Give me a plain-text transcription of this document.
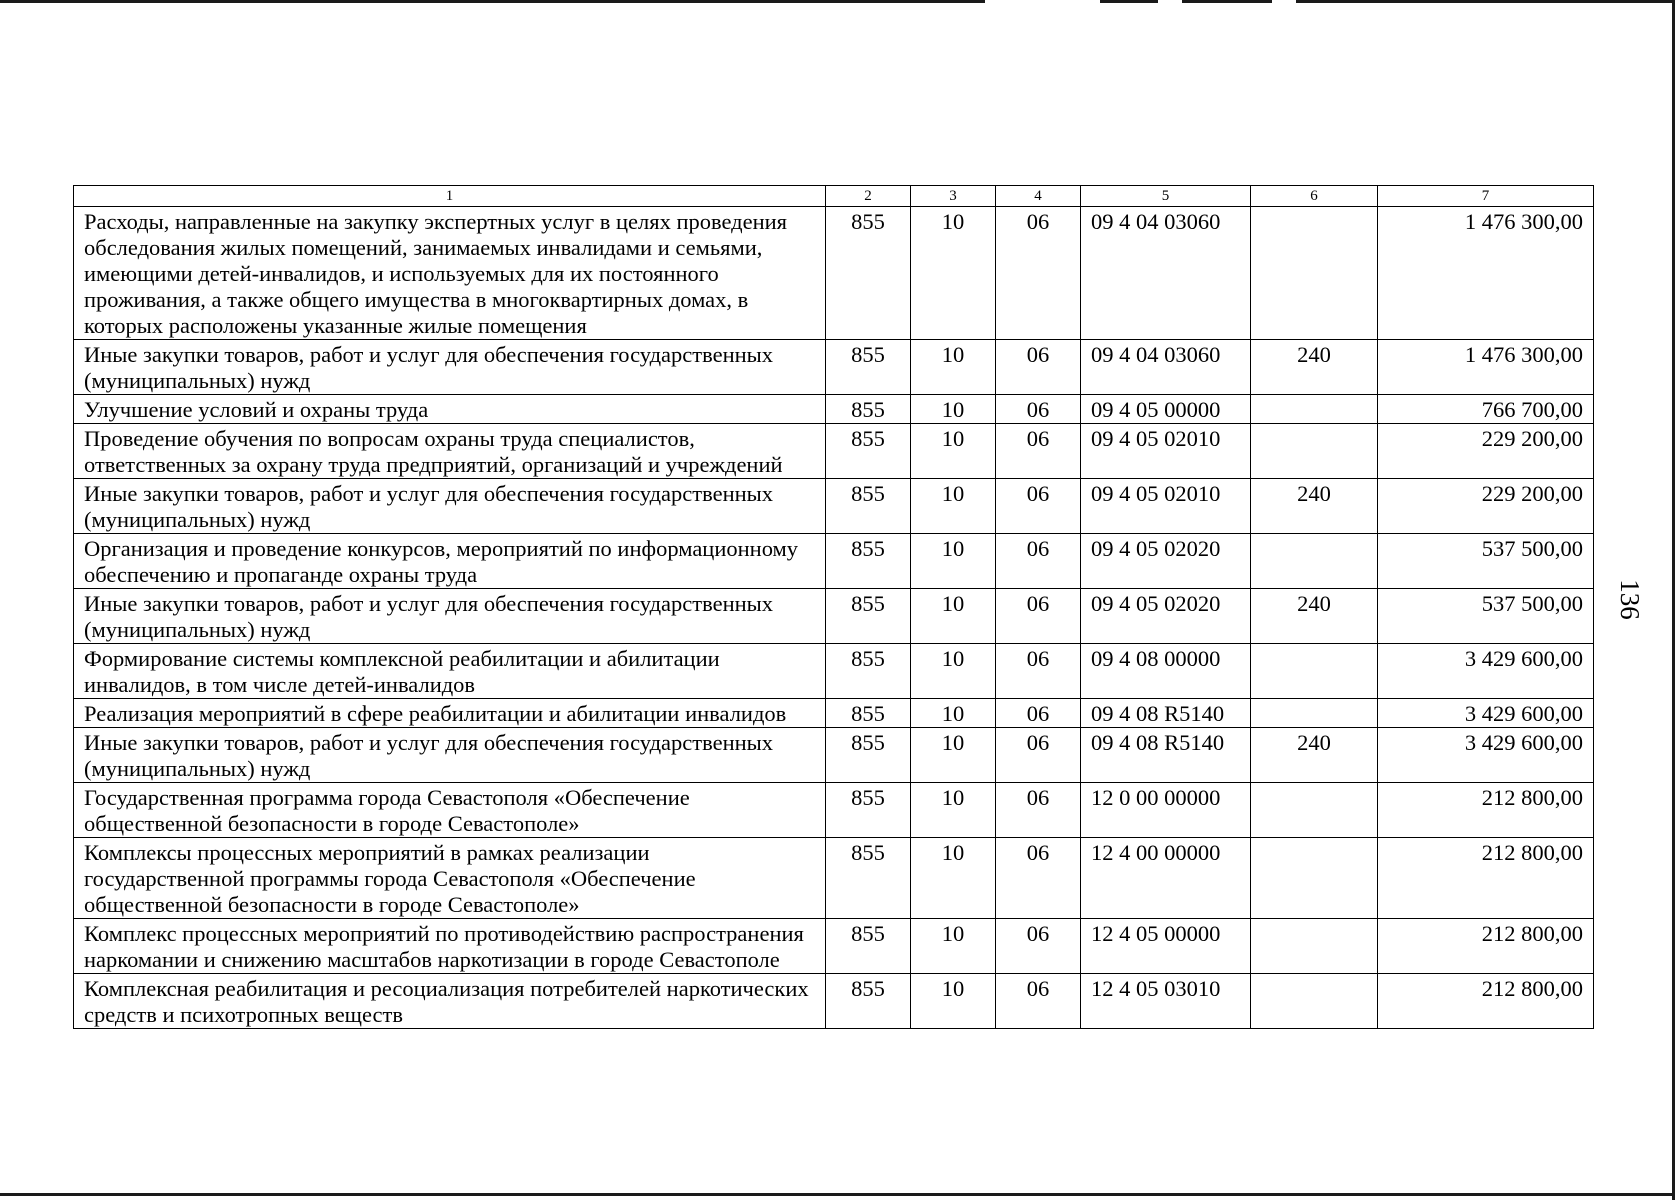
136
1	2	3	4	5	6	7
Расходы, направленные на закупку экспертных услуг в целях проведения обследования жилых помещений, занимаемых инвалидами и семьями, имеющими детей-инвалидов, и используемых для их постоянного проживания, а также общего имущества в многоквартирных домах, в которых расположены указанные жилые помещения	855	10	06	09 4 04 03060		1 476 300,00
Иные закупки товаров, работ и услуг для обеспечения государственных (муниципальных) нужд	855	10	06	09 4 04 03060	240	1 476 300,00
Улучшение условий и охраны труда	855	10	06	09 4 05 00000		766 700,00
Проведение обучения по вопросам охраны труда специалистов, ответственных за охрану труда предприятий, организаций и учреждений	855	10	06	09 4 05 02010		229 200,00
Иные закупки товаров, работ и услуг для обеспечения государственных (муниципальных) нужд	855	10	06	09 4 05 02010	240	229 200,00
Организация и проведение конкурсов, мероприятий по информационному обеспечению и пропаганде охраны труда	855	10	06	09 4 05 02020		537 500,00
Иные закупки товаров, работ и услуг для обеспечения государственных (муниципальных) нужд	855	10	06	09 4 05 02020	240	537 500,00
Формирование системы комплексной реабилитации и абилитации инвалидов, в том числе детей-инвалидов	855	10	06	09 4 08 00000		3 429 600,00
Реализация мероприятий в сфере реабилитации и абилитации инвалидов	855	10	06	09 4 08 R5140		3 429 600,00
Иные закупки товаров, работ и услуг для обеспечения государственных (муниципальных) нужд	855	10	06	09 4 08 R5140	240	3 429 600,00
Государственная программа города Севастополя «Обеспечение общественной безопасности в городе Севастополе»	855	10	06	12 0 00 00000		212 800,00
Комплексы процессных мероприятий в рамках реализации государственной программы города Севастополя «Обеспечение общественной безопасности в городе Севастополе»	855	10	06	12 4 00 00000		212 800,00
Комплекс процессных мероприятий по противодействию распространения наркомании и снижению масштабов наркотизации в городе Севастополе	855	10	06	12 4 05 00000		212 800,00
Комплексная реабилитация и ресоциализация потребителей наркотических средств и психотропных веществ	855	10	06	12 4 05 03010		212 800,00
